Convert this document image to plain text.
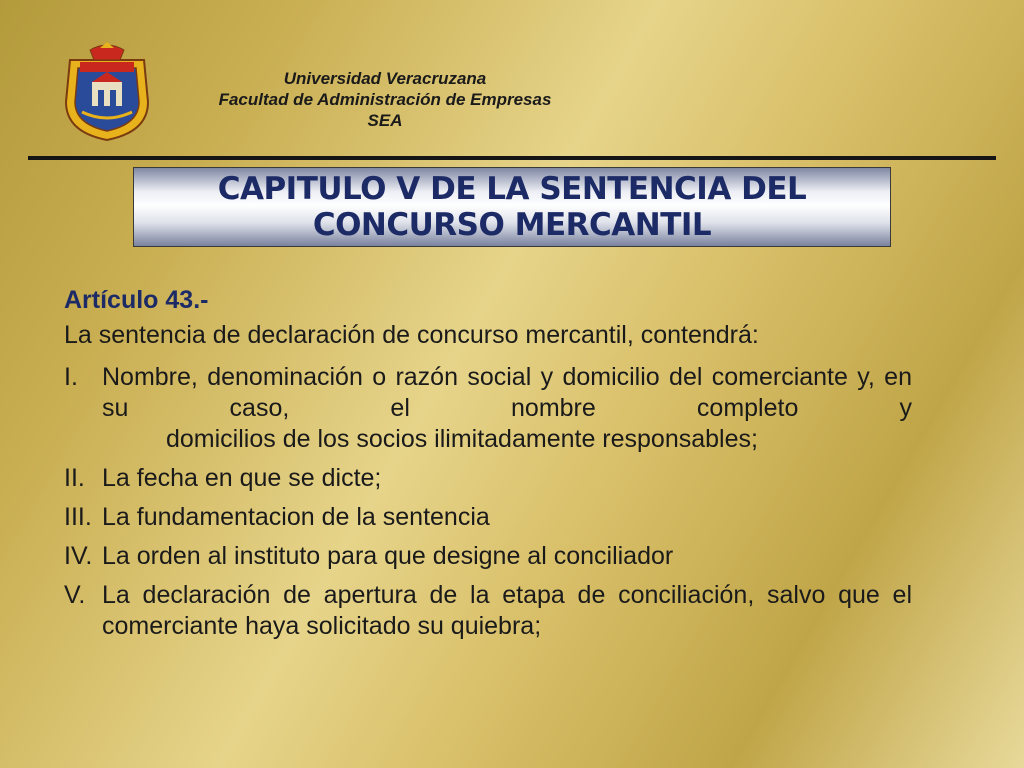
Universidad Veracruzana
Facultad de Administración de Empresas
SEA
CAPITULO V DE LA SENTENCIA DEL
CONCURSO MERCANTIL
Artículo 43.-
La sentencia de declaración de concurso mercantil, contendrá:
I. Nombre, denominación o razón social y domicilio del comerciante y, en su caso, el nombre completo y
domicilios de los socios ilimitadamente responsables;
II. La fecha en que se dicte;
III. La fundamentacion de la sentencia
IV. La orden al instituto para que designe al conciliador
V. La declaración de apertura de la etapa de conciliación, salvo que el comerciante haya solicitado su quiebra;
